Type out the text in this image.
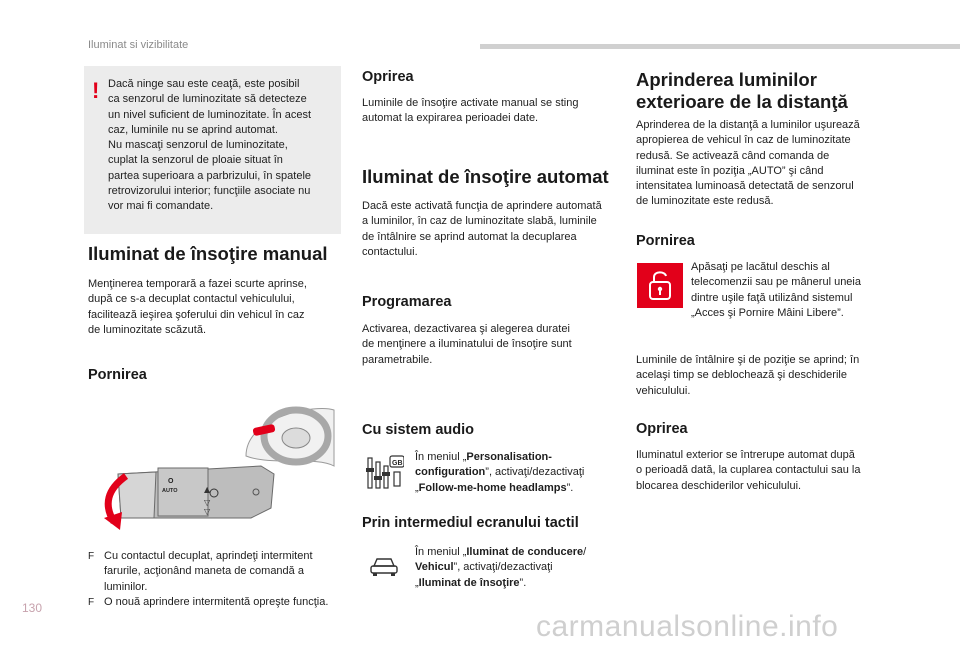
Iluminat si vizibilitate
! Dacă ninge sau este ceaţă, este posibil
ca senzorul de luminozitate să detecteze
un nivel suficient de luminozitate. În acest
caz, luminile nu se aprind automat.
Nu mascaţi senzorul de luminozitate,
cuplat la senzorul de ploaie situat în
partea superioara a parbrizului, în spatele
retrovizorului interior; funcţiile asociate nu
vor mai fi comandate.
Iluminat de însoţire manual
Menţinerea temporară a fazei scurte aprinse,
după ce s-a decuplat contactul vehiculului,
facilitează ieşirea şoferului din vehicul în caz
de luminozitate scăzută.
Pornirea
O
AUTO	▲
▽
▽
F Cu contactul decuplat, aprindeţi intermitent
farurile, acţionând maneta de comandă a
luminilor.
F O nouă aprindere intermitentă opreşte funcţia.
Oprirea
Luminile de însoţire activate manual se sting
automat la expirarea perioadei date.
Iluminat de însoţire automat
Dacă este activată funcţia de aprindere automată
a luminilor, în caz de luminozitate slabă, luminile
de întâlnire se aprind automat la decuplarea
contactului.
Programarea
Activarea, dezactivarea şi alegerea duratei
de menţinere a iluminatului de însoţire sunt
parametrabile.
Cu sistem audio
GB
În meniul „Personalisation-
configuration”, activaţi/dezactivaţi
„Follow-me-home headlamps”.
Prin intermediul ecranului tactil
În meniul „Iluminat de conducere/
Vehicul”, activaţi/dezactivaţi
„Iluminat de însoţire”.
Aprinderea luminilor
exterioare de la distanţă
Aprinderea de la distanţă a luminilor uşurează
apropierea de vehicul în caz de luminozitate
redusă. Se activează când comanda de
iluminat este în poziţia „AUTO” şi când
intensitatea luminoasă detectată de senzorul
de luminozitate este redusă.
Pornirea
Apăsaţi pe lacătul deschis al
telecomenzii sau pe mânerul uneia
dintre uşile faţă utilizând sistemul
„Acces şi Pornire Mâini Libere”.
Luminile de întâlnire şi de poziţie se aprind; în
acelaşi timp se deblochează şi deschiderile
vehiculului.
Oprirea
Iluminatul exterior se întrerupe automat după
o perioadă dată, la cuplarea contactului sau la
blocarea deschiderilor vehiculului.
130
carmanualsonline.info
